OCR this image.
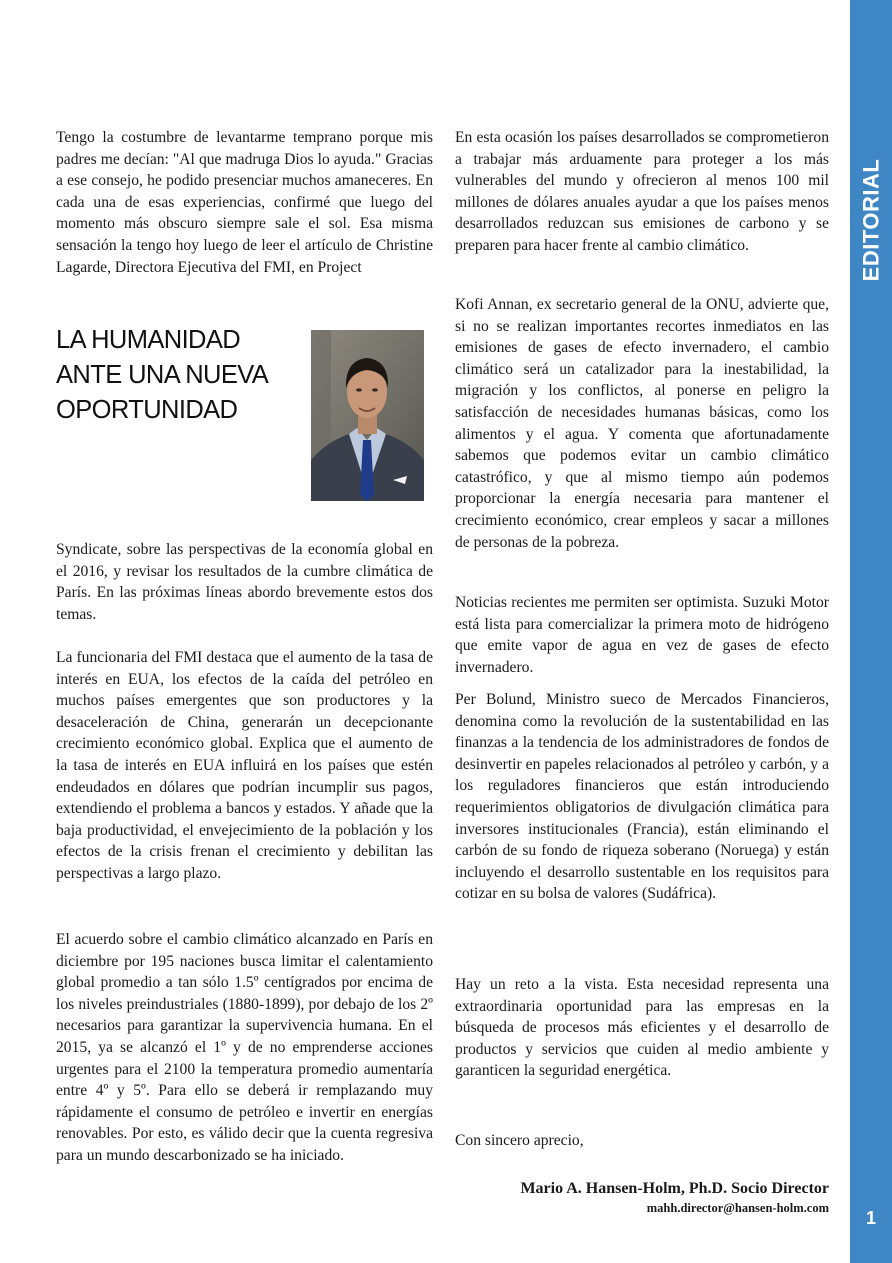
EDITORIAL
1

Tengo la costumbre de levantarme temprano porque mis padres me decían: "Al que madruga Dios lo ayuda." Gracias a ese consejo, he podido presenciar muchos amaneceres. En cada una de esas experiencias, confirmé que luego del momento más obscuro siempre sale el sol. Esa misma sensación la tengo hoy luego de leer el artículo de Christine Lagarde, Directora Ejecutiva del FMI, en Project

LA HUMANIDAD
ANTE UNA NUEVA
OPORTUNIDAD

Syndicate, sobre las perspectivas de la economía global en el 2016, y revisar los resultados de la cumbre climática de París. En las próximas líneas abordo brevemente estos dos temas.

La funcionaria del FMI destaca que el aumento de la tasa de interés en EUA, los efectos de la caída del petróleo en muchos países emergentes que son productores y la desaceleración de China, generarán un decepcionante crecimiento económico global. Explica que el aumento de la tasa de interés en EUA influirá en los países que estén endeudados en dólares que podrían incumplir sus pagos, extendiendo el problema a bancos y estados. Y añade que la baja productividad, el envejecimiento de la población y los efectos de la crisis frenan el crecimiento y debilitan las perspectivas a largo plazo.

El acuerdo sobre el cambio climático alcanzado en París en diciembre por 195 naciones busca limitar el calentamiento global promedio a tan sólo 1.5º centígrados por encima de los niveles preindustriales (1880-1899), por debajo de los 2º necesarios para garantizar la supervivencia humana. En el 2015, ya se alcanzó el 1º y de no emprenderse acciones urgentes para el 2100 la temperatura promedio aumentaría entre 4º y 5º. Para ello se deberá ir remplazando muy rápidamente el consumo de petróleo e invertir en energías renovables. Por esto, es válido decir que la cuenta regresiva para un mundo descarbonizado se ha iniciado.

En esta ocasión los países desarrollados se comprometieron a trabajar más arduamente para proteger a los más vulnerables del mundo y ofrecieron al menos 100 mil millones de dólares anuales ayudar a que los países menos desarrollados reduzcan sus emisiones de carbono y se preparen para hacer frente al cambio climático.

Kofi Annan, ex secretario general de la ONU, advierte que, si no se realizan importantes recortes inmediatos en las emisiones de gases de efecto invernadero, el cambio climático será un catalizador para la inestabilidad, la migración y los conflictos, al ponerse en peligro la satisfacción de necesidades humanas básicas, como los alimentos y el agua. Y comenta que afortunadamente sabemos que podemos evitar un cambio climático catastrófico, y que al mismo tiempo aún podemos proporcionar la energía necesaria para mantener el crecimiento económico, crear empleos y sacar a millones de personas de la pobreza.

Noticias recientes me permiten ser optimista. Suzuki Motor está lista para comercializar la primera moto de hidrógeno que emite vapor de agua en vez de gases de efecto invernadero.

Per Bolund, Ministro sueco de Mercados Financieros, denomina como la revolución de la sustentabilidad en las finanzas a la tendencia de los administradores de fondos de desinvertir en papeles relacionados al petróleo y carbón, y a los reguladores financieros que están introduciendo requerimientos obligatorios de divulgación climática para inversores institucionales (Francia), están eliminando el carbón de su fondo de riqueza soberano (Noruega) y están incluyendo el desarrollo sustentable en los requisitos para cotizar en su bolsa de valores (Sudáfrica).

Hay un reto a la vista. Esta necesidad representa una extraordinaria oportunidad para las empresas en la búsqueda de procesos más eficientes y el desarrollo de productos y servicios que cuiden al medio ambiente y garanticen la seguridad energética.

Con sincero aprecio,

Mario A. Hansen-Holm, Ph.D. Socio Director
mahh.director@hansen-holm.com
